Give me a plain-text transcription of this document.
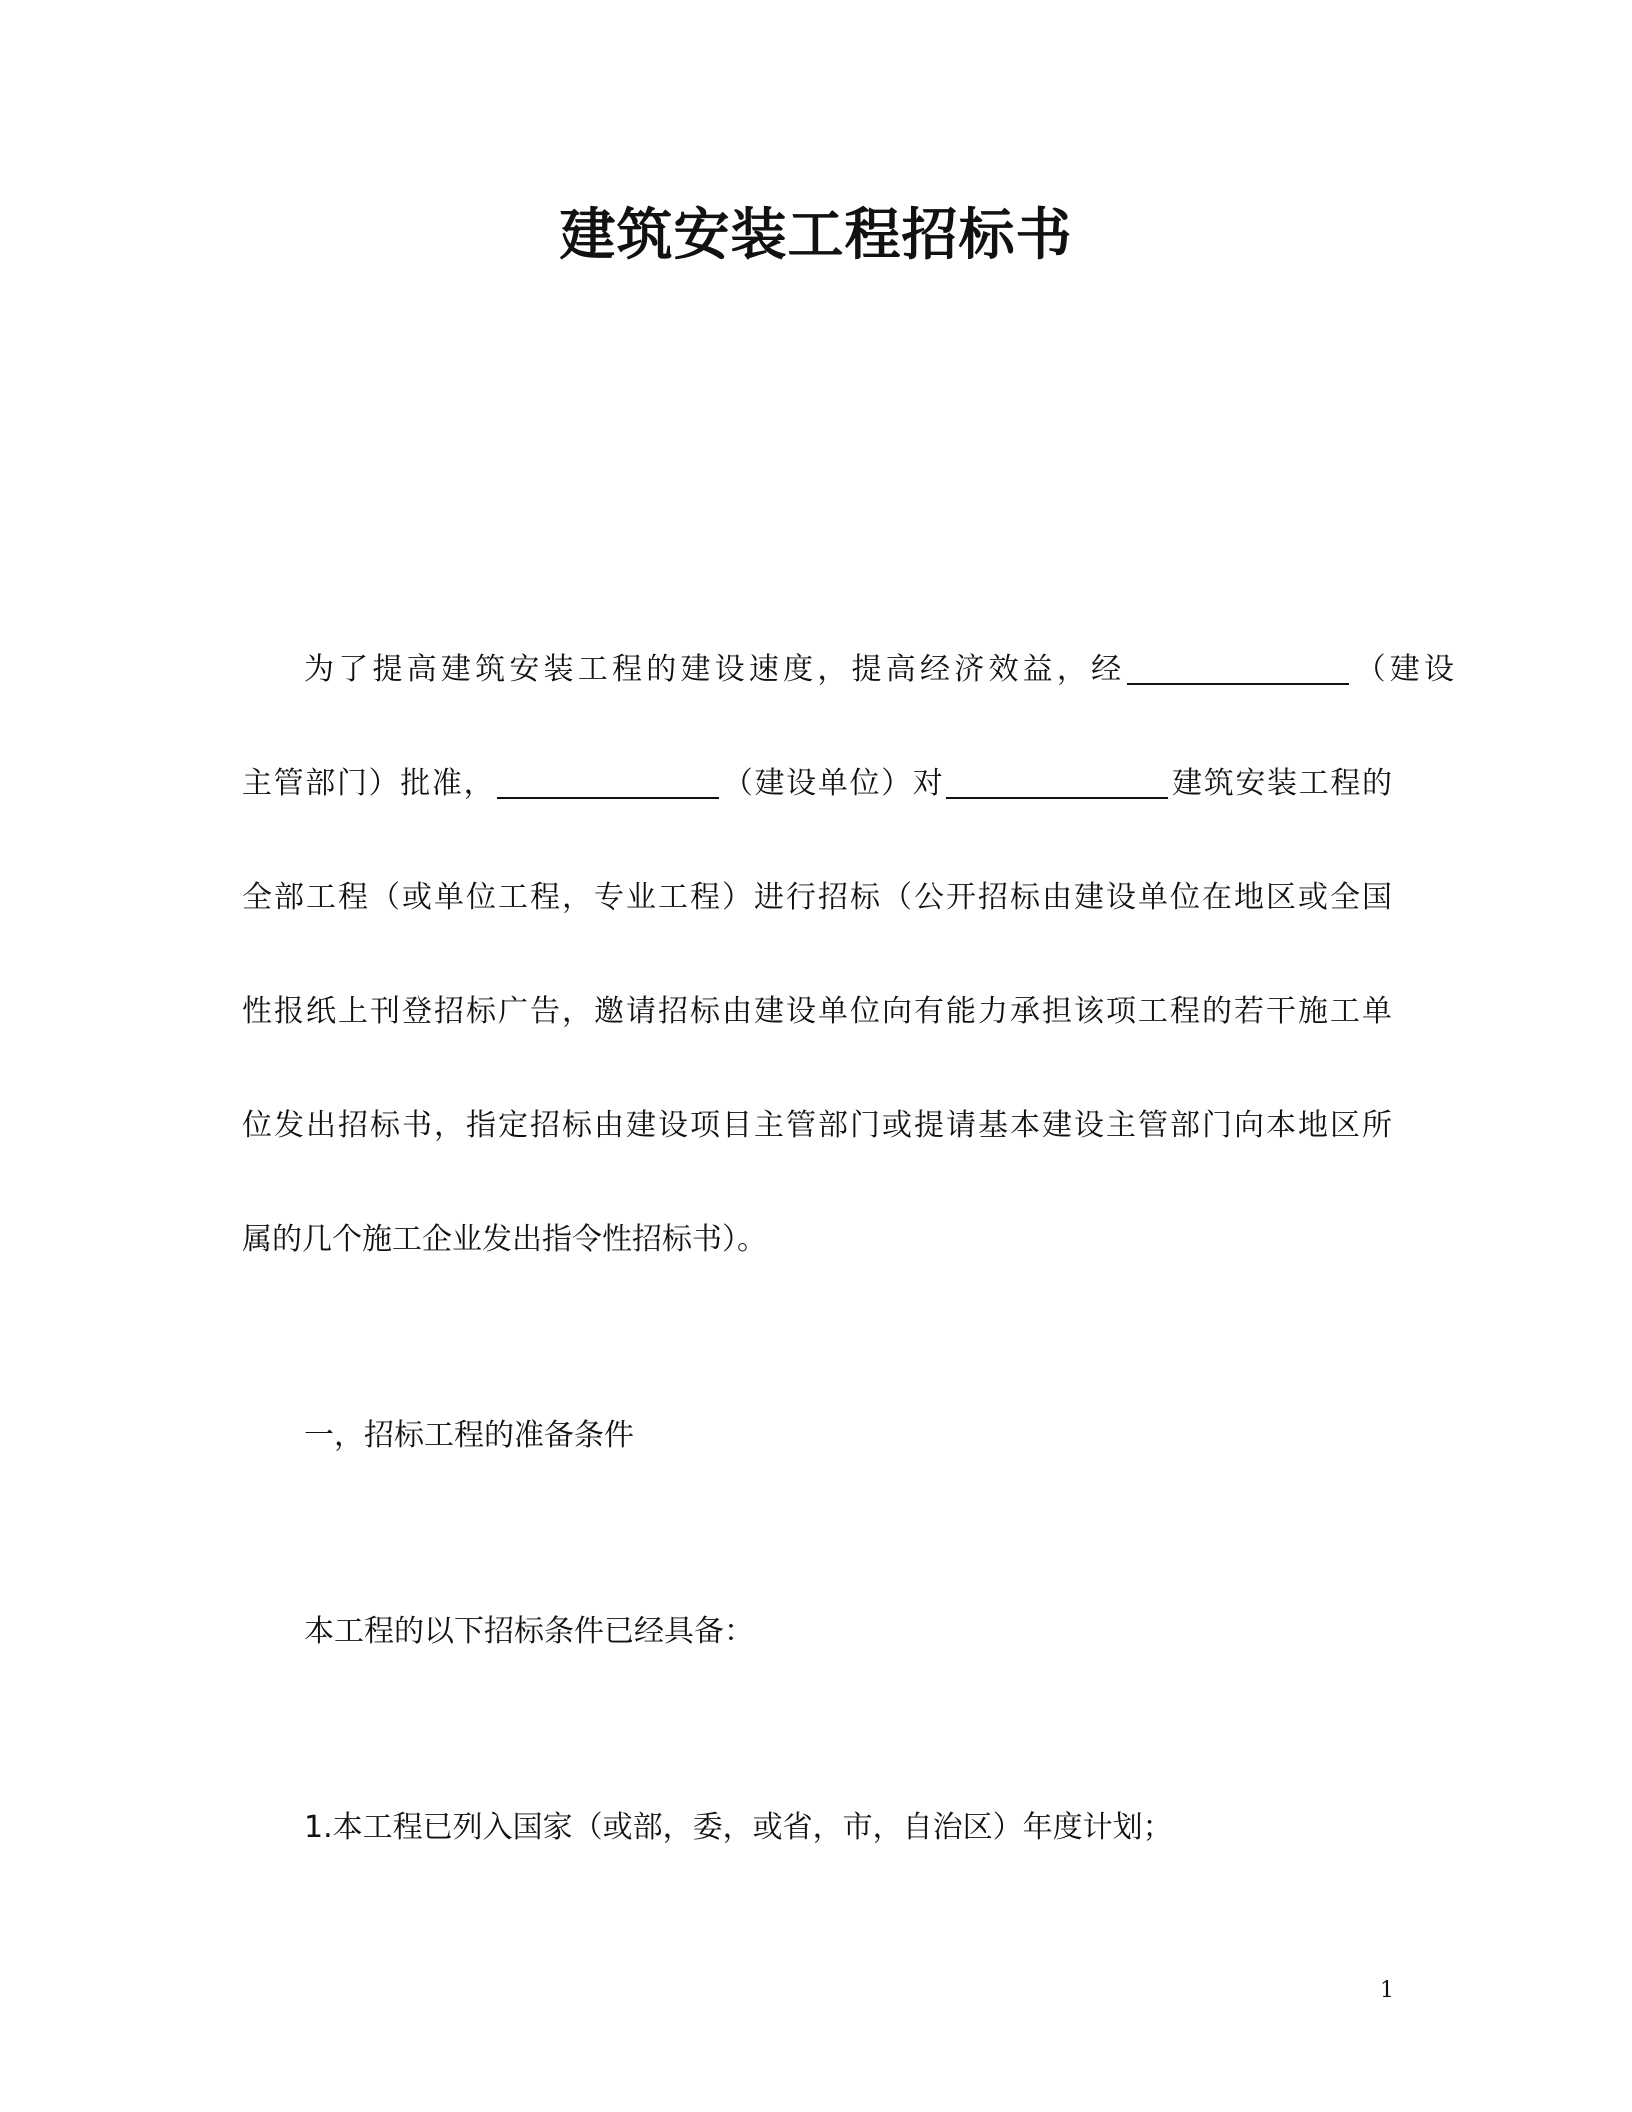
建筑安装工程招标书
为了提高建筑安装工程的建设速度，提高经济效益，经	（建设
主管部门）批准，	（建设单位）对	建筑安装工程的
全部工程（或单位工程，专业工程）进行招标（公开招标由建设单位在地区或全国
性报纸上刊登招标广告，邀请招标由建设单位向有能力承担该项工程的若干施工单
位发出招标书，指定招标由建设项目主管部门或提请基本建设主管部门向本地区所
属的几个施工企业发出指令性招标书）。
一，招标工程的准备条件
本工程的以下招标条件已经具备：
1.本工程已列入国家（或部，委，或省，市，自治区）年度计划；
1
